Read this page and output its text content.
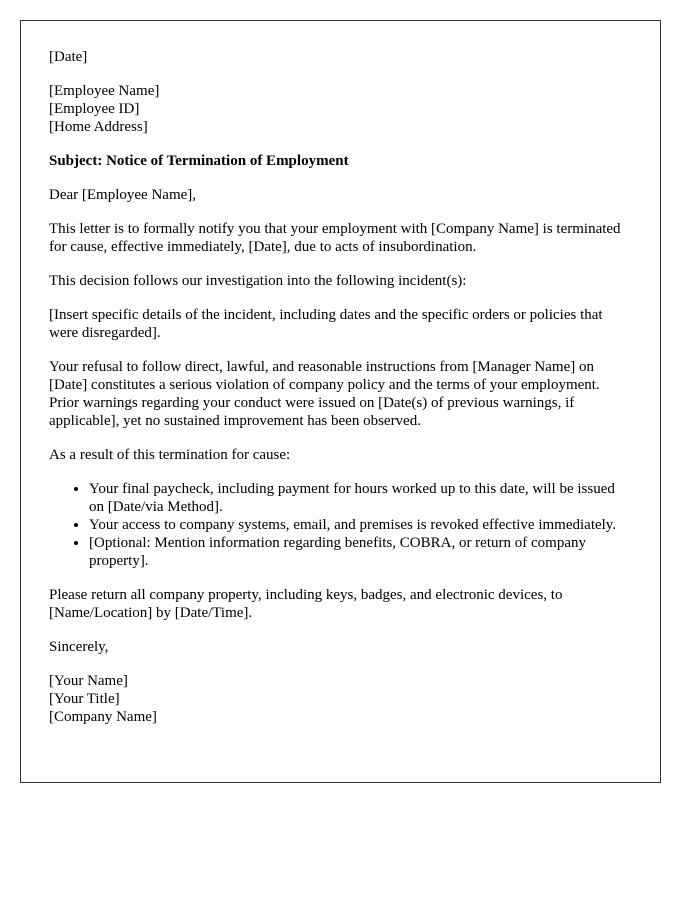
[Date]

[Employee Name]
[Employee ID]
[Home Address]

Subject: Notice of Termination of Employment

Dear [Employee Name],

This letter is to formally notify you that your employment with [Company Name] is terminated for cause, effective immediately, [Date], due to acts of insubordination.

This decision follows our investigation into the following incident(s):

[Insert specific details of the incident, including dates and the specific orders or policies that were disregarded].

Your refusal to follow direct, lawful, and reasonable instructions from [Manager Name] on [Date] constitutes a serious violation of company policy and the terms of your employment. Prior warnings regarding your conduct were issued on [Date(s) of previous warnings, if applicable], yet no sustained improvement has been observed.

As a result of this termination for cause:

• Your final paycheck, including payment for hours worked up to this date, will be issued on [Date/via Method].
• Your access to company systems, email, and premises is revoked effective immediately.
• [Optional: Mention information regarding benefits, COBRA, or return of company property].

Please return all company property, including keys, badges, and electronic devices, to [Name/Location] by [Date/Time].

Sincerely,

[Your Name]
[Your Title]
[Company Name]
